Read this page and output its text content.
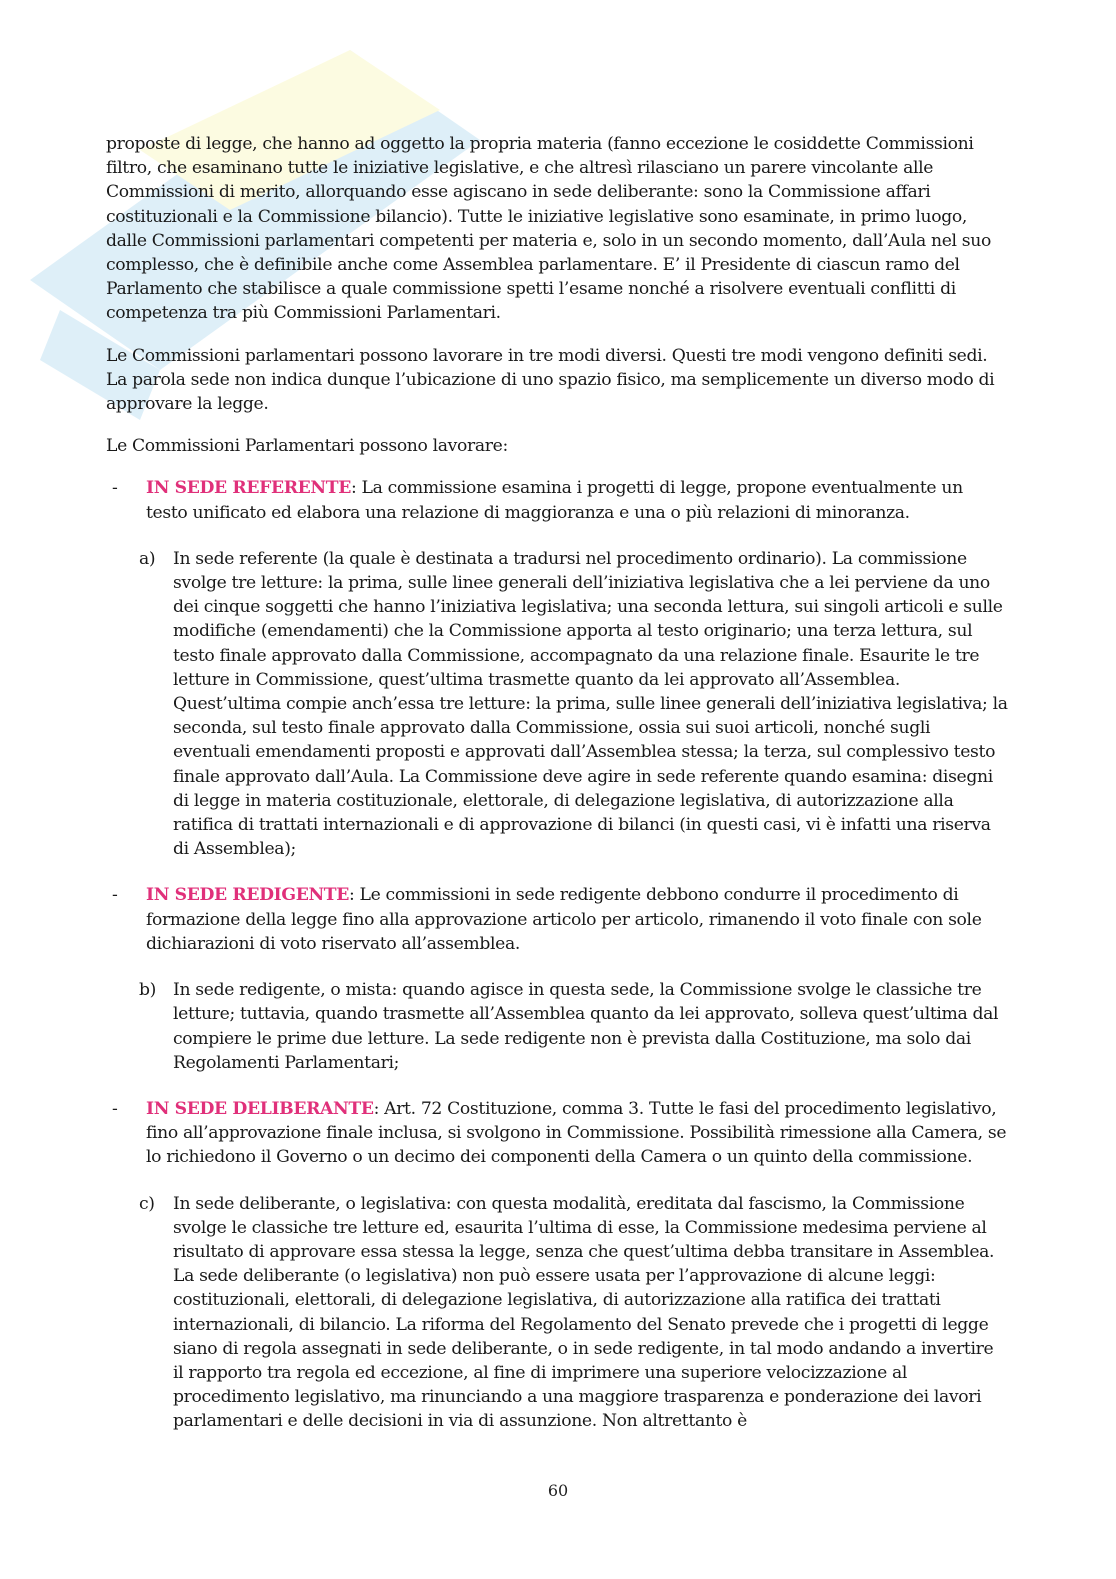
proposte di legge, che hanno ad oggetto la propria materia (fanno eccezione le cosiddette Commissioni filtro, che esaminano tutte le iniziative legislative, e che altresì rilasciano un parere vincolante alle Commissioni di merito, allorquando esse agiscano in sede deliberante: sono la Commissione affari costituzionali e la Commissione bilancio). Tutte le iniziative legislative sono esaminate, in primo luogo, dalle Commissioni parlamentari competenti per materia e, solo in un secondo momento, dall’Aula nel suo complesso, che è definibile anche come Assemblea parlamentare. E’ il Presidente di ciascun ramo del Parlamento che stabilisce a quale commissione spetti l’esame nonché a risolvere eventuali conflitti di competenza tra più Commissioni Parlamentari.

Le Commissioni parlamentari possono lavorare in tre modi diversi. Questi tre modi vengono definiti sedi. La parola sede non indica dunque l’ubicazione di uno spazio fisico, ma semplicemente un diverso modo di approvare la legge.

Le Commissioni Parlamentari possono lavorare:

- IN SEDE REFERENTE: La commissione esamina i progetti di legge, propone eventualmente un testo unificato ed elabora una relazione di maggioranza e una o più relazioni di minoranza.

a) In sede referente (la quale è destinata a tradursi nel procedimento ordinario). La commissione svolge tre letture: la prima, sulle linee generali dell’iniziativa legislativa che a lei perviene da uno dei cinque soggetti che hanno l’iniziativa legislativa; una seconda lettura, sui singoli articoli e sulle modifiche (emendamenti) che la Commissione apporta al testo originario; una terza lettura, sul testo finale approvato dalla Commissione, accompagnato da una relazione finale. Esaurite le tre letture in Commissione, quest’ultima trasmette quanto da lei approvato all’Assemblea. Quest’ultima compie anch’essa tre letture: la prima, sulle linee generali dell’iniziativa legislativa; la seconda, sul testo finale approvato dalla Commissione, ossia sui suoi articoli, nonché sugli eventuali emendamenti proposti e approvati dall’Assemblea stessa; la terza, sul complessivo testo finale approvato dall’Aula. La Commissione deve agire in sede referente quando esamina: disegni di legge in materia costituzionale, elettorale, di delegazione legislativa, di autorizzazione alla ratifica di trattati internazionali e di approvazione di bilanci (in questi casi, vi è infatti una riserva di Assemblea);

- IN SEDE REDIGENTE: Le commissioni in sede redigente debbono condurre il procedimento di formazione della legge fino alla approvazione articolo per articolo, rimanendo il voto finale con sole dichiarazioni di voto riservato all’assemblea.

b) In sede redigente, o mista: quando agisce in questa sede, la Commissione svolge le classiche tre letture; tuttavia, quando trasmette all’Assemblea quanto da lei approvato, solleva quest’ultima dal compiere le prime due letture. La sede redigente non è prevista dalla Costituzione, ma solo dai Regolamenti Parlamentari;

- IN SEDE DELIBERANTE: Art. 72 Costituzione, comma 3. Tutte le fasi del procedimento legislativo, fino all’approvazione finale inclusa, si svolgono in Commissione. Possibilità rimessione alla Camera, se lo richiedono il Governo o un decimo dei componenti della Camera o un quinto della commissione.

c) In sede deliberante, o legislativa: con questa modalità, ereditata dal fascismo, la Commissione svolge le classiche tre letture ed, esaurita l’ultima di esse, la Commissione medesima perviene al risultato di approvare essa stessa la legge, senza che quest’ultima debba transitare in Assemblea. La sede deliberante (o legislativa) non può essere usata per l’approvazione di alcune leggi: costituzionali, elettorali, di delegazione legislativa, di autorizzazione alla ratifica dei trattati internazionali, di bilancio. La riforma del Regolamento del Senato prevede che i progetti di legge siano di regola assegnati in sede deliberante, o in sede redigente, in tal modo andando a invertire il rapporto tra regola ed eccezione, al fine di imprimere una superiore velocizzazione al procedimento legislativo, ma rinunciando a una maggiore trasparenza e ponderazione dei lavori parlamentari e delle decisioni in via di assunzione. Non altrettanto è

60
